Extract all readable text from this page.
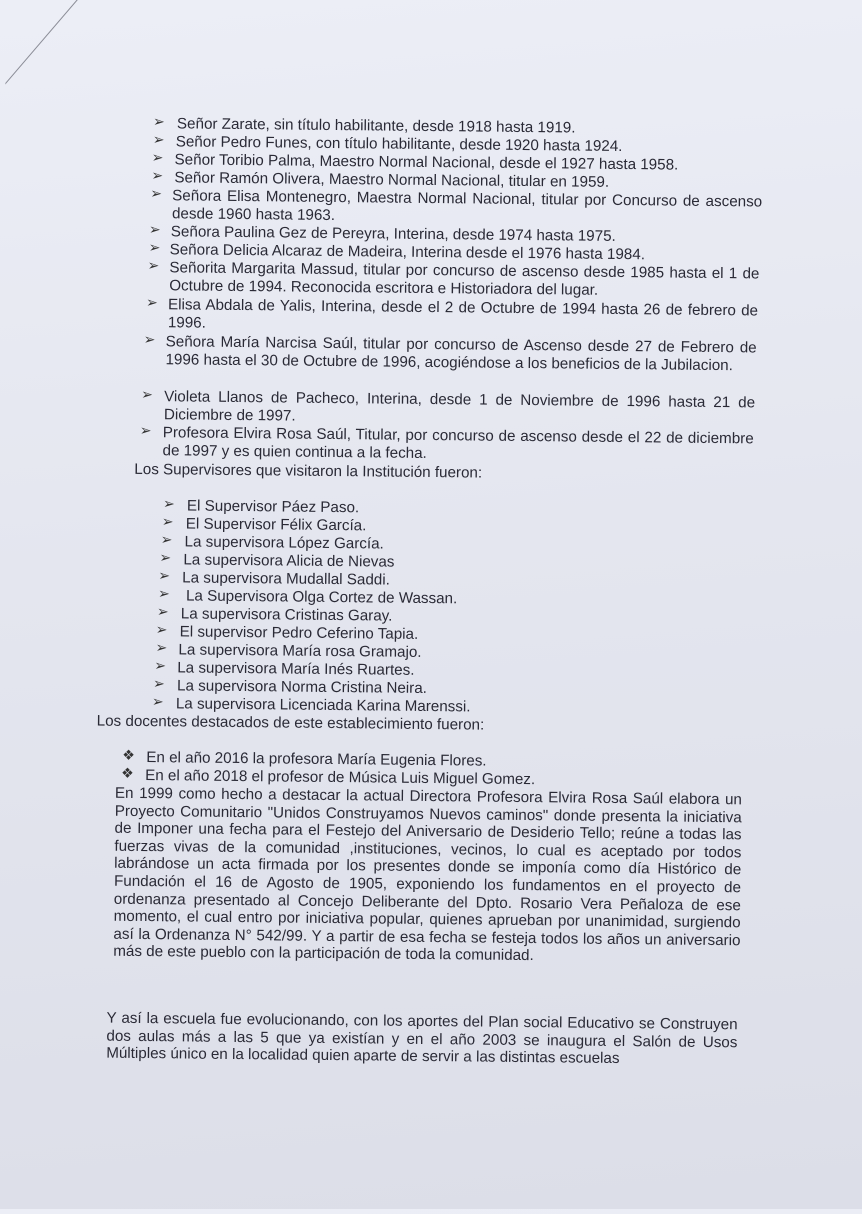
➢ Señor Zarate, sin título habilitante, desde 1918 hasta 1919.
➢ Señor Pedro Funes, con título habilitante, desde 1920 hasta 1924.
➢ Señor Toribio Palma, Maestro Normal Nacional, desde el 1927 hasta 1958.
➢ Señor Ramón Olivera, Maestro Normal Nacional, titular en 1959.
➢ Señora Elisa Montenegro, Maestra Normal Nacional, titular por Concurso de ascenso desde 1960 hasta 1963.
➢ Señora Paulina Gez de Pereyra, Interina, desde 1974 hasta 1975.
➢ Señora Delicia Alcaraz de Madeira, Interina desde el 1976 hasta 1984.
➢ Señorita Margarita Massud, titular por concurso de ascenso desde 1985 hasta el 1 de Octubre de 1994. Reconocida escritora e Historiadora del lugar.
➢ Elisa Abdala de Yalis, Interina, desde el 2 de Octubre de 1994 hasta 26 de febrero de 1996.
➢ Señora María Narcisa Saúl, titular por concurso de Ascenso desde 27 de Febrero de 1996 hasta el 30 de Octubre de 1996, acogiéndose a los beneficios de la Jubilacion.
➢ Violeta Llanos de Pacheco, Interina, desde 1 de Noviembre de 1996 hasta 21 de Diciembre de 1997.
➢ Profesora Elvira Rosa Saúl, Titular, por concurso de ascenso desde el 22 de diciembre de 1997 y es quien continua a la fecha.
Los Supervisores que visitaron la Institución fueron:
➢ El Supervisor Páez Paso.
➢ El Supervisor Félix García.
➢ La supervisora López García.
➢ La supervisora Alicia de Nievas
➢ La supervisora Mudallal Saddi.
➢ La Supervisora Olga Cortez de Wassan.
➢ La supervisora Cristinas Garay.
➢ El supervisor Pedro Ceferino Tapia.
➢ La supervisora María rosa Gramajo.
➢ La supervisora María Inés Ruartes.
➢ La supervisora Norma Cristina Neira.
➢ La supervisora Licenciada Karina Marenssi.
Los docentes destacados de este establecimiento fueron:
❖ En el año 2016 la profesora María Eugenia Flores.
❖ En el año 2018 el profesor de Música Luis Miguel Gomez.
En 1999 como hecho a destacar la actual Directora Profesora Elvira Rosa Saúl elabora un Proyecto Comunitario "Unidos Construyamos Nuevos caminos" donde presenta la iniciativa de Imponer una fecha para el Festejo del Aniversario de Desiderio Tello; reúne a todas las fuerzas vivas de la comunidad ,instituciones, vecinos, lo cual es aceptado por todos labrándose un acta firmada por los presentes donde se imponía como día Histórico de Fundación el 16 de Agosto de 1905, exponiendo los fundamentos en el proyecto de ordenanza presentado al Concejo Deliberante del Dpto. Rosario Vera Peñaloza de ese momento, el cual entro por iniciativa popular, quienes aprueban por unanimidad, surgiendo así la Ordenanza N° 542/99. Y a partir de esa fecha se festeja todos los años un aniversario más de este pueblo con la participación de toda la comunidad.
Y así la escuela fue evolucionando, con los aportes del Plan social Educativo se Construyen dos aulas más a las 5 que ya existían y en el año 2003 se inaugura el Salón de Usos Múltiples único en la localidad quien aparte de servir a las distintas escuelas
